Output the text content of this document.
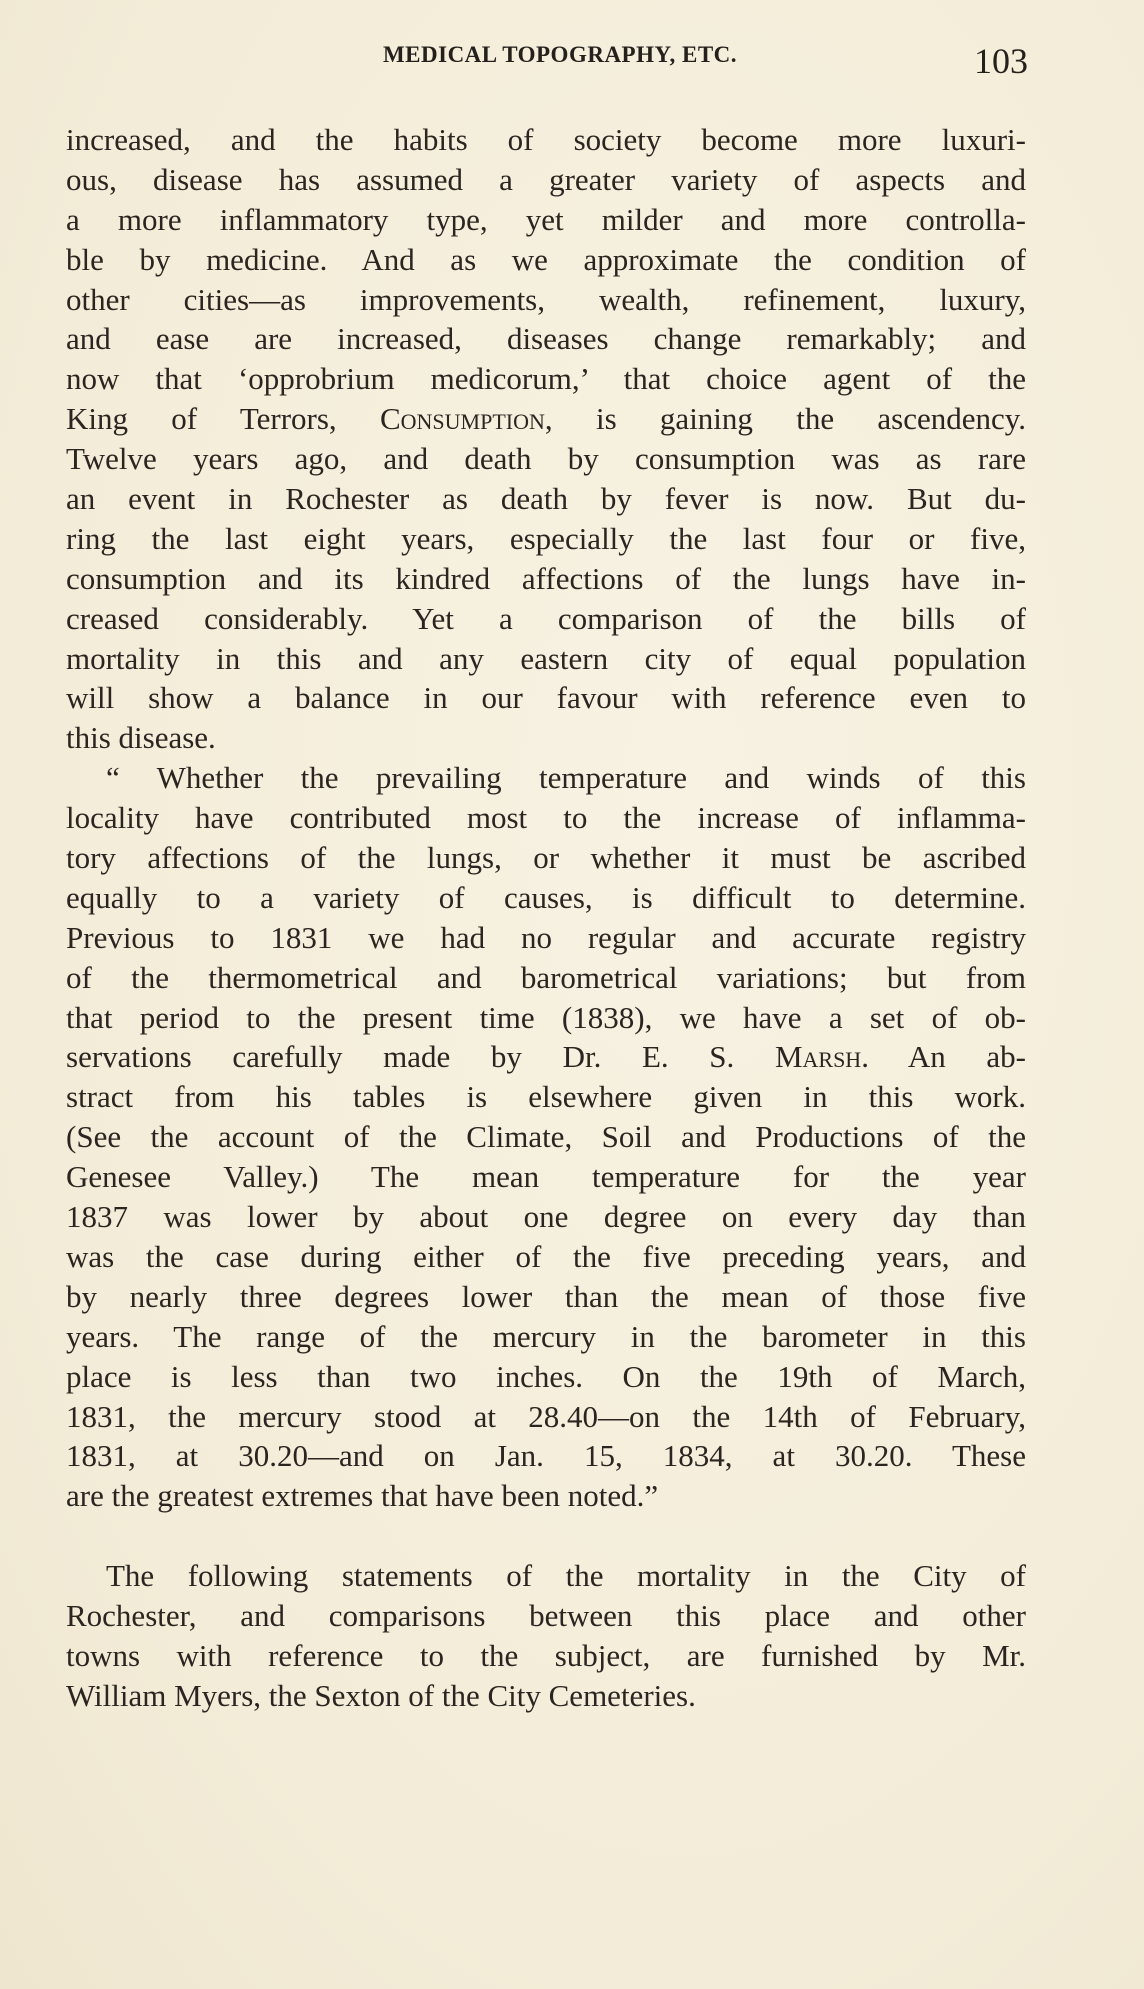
MEDICAL TOPOGRAPHY, ETC.	103
increased, and the habits of society become more luxuri-
ous, disease has assumed a greater variety of aspects and
a more inflammatory type, yet milder and more controlla-
ble by medicine. And as we approximate the condition of
other cities—as improvements, wealth, refinement, luxury,
and ease are increased, diseases change remarkably; and
now that ‘opprobrium medicorum,’ that choice agent of the
King of Terrors, Consumption, is gaining the ascendency.
Twelve years ago, and death by consumption was as rare
an event in Rochester as death by fever is now. But du-
ring the last eight years, especially the last four or five,
consumption and its kindred affections of the lungs have in-
creased considerably. Yet a comparison of the bills of
mortality in this and any eastern city of equal population
will show a balance in our favour with reference even to
this disease.
“ Whether the prevailing temperature and winds of this
locality have contributed most to the increase of inflamma-
tory affections of the lungs, or whether it must be ascribed
equally to a variety of causes, is difficult to determine.
Previous to 1831 we had no regular and accurate registry
of the thermometrical and barometrical variations; but from
that period to the present time (1838), we have a set of ob-
servations carefully made by Dr. E. S. Marsh. An ab-
stract from his tables is elsewhere given in this work.
(See the account of the Climate, Soil and Productions of the
Genesee Valley.) The mean temperature for the year
1837 was lower by about one degree on every day than
was the case during either of the five preceding years, and
by nearly three degrees lower than the mean of those five
years. The range of the mercury in the barometer in this
place is less than two inches. On the 19th of March,
1831, the mercury stood at 28.40—on the 14th of February,
1831, at 30.20—and on Jan. 15, 1834, at 30.20. These
are the greatest extremes that have been noted.”
The following statements of the mortality in the City of
Rochester, and comparisons between this place and other
towns with reference to the subject, are furnished by Mr.
William Myers, the Sexton of the City Cemeteries.
